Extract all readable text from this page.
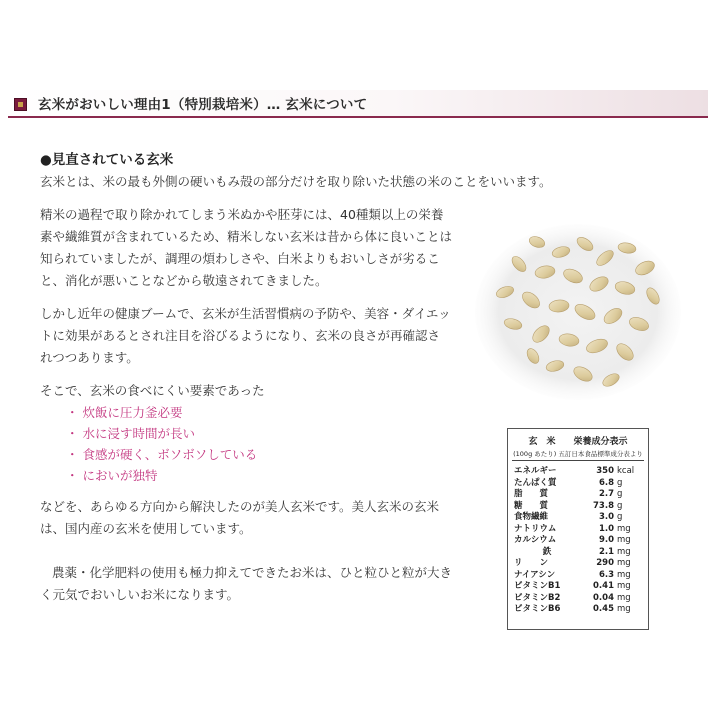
玄米がおいしい理由1（特別栽培米）… 玄米について
●見直されている玄米

玄米とは、米の最も外側の硬いもみ殻の部分だけを取り除いた状態の米のことをいいます。

精米の過程で取り除かれてしまう米ぬかや胚芽には、40種類以上の栄養素や繊維質が含まれているため、精米しない玄米は昔から体に良いことは知られていましたが、調理の煩わしさや、白米よりもおいしさが劣ること、消化が悪いことなどから敬遠されてきました。

しかし近年の健康ブームで、玄米が生活習慣病の予防や、美容・ダイエットに効果があるとされ注目を浴びるようになり、玄米の良さが再確認されつつあります。

そこで、玄米の食べにくい要素であった

・ 炊飯に圧力釜必要
・ 水に浸す時間が長い
・ 食感が硬く、ボソボソしている
・ においが独特

などを、あらゆる方向から解決したのが美人玄米です。美人玄米の玄米は、国内産の玄米を使用しています。

農薬・化学肥料の使用も極力抑えてできたお米は、ひと粒ひと粒が大きく元気でおいしいお米になります。

玄　米　　栄養成分表示
(100g あたり) 五訂日本食品標準成分表より
エネルギー	350 kcal
たんぱく質	6.8 g
脂　　質	2.7 g
糖　　質	73.8 g
食物繊維	3.0 g
ナトリウム	1.0 mg
カルシウム	9.0 mg
鉄	2.1 mg
リ　　ン	290 mg
ナイアシン	6.3 mg
ビタミンB1	0.41 mg
ビタミンB2	0.04 mg
ビタミンB6	0.45 mg
